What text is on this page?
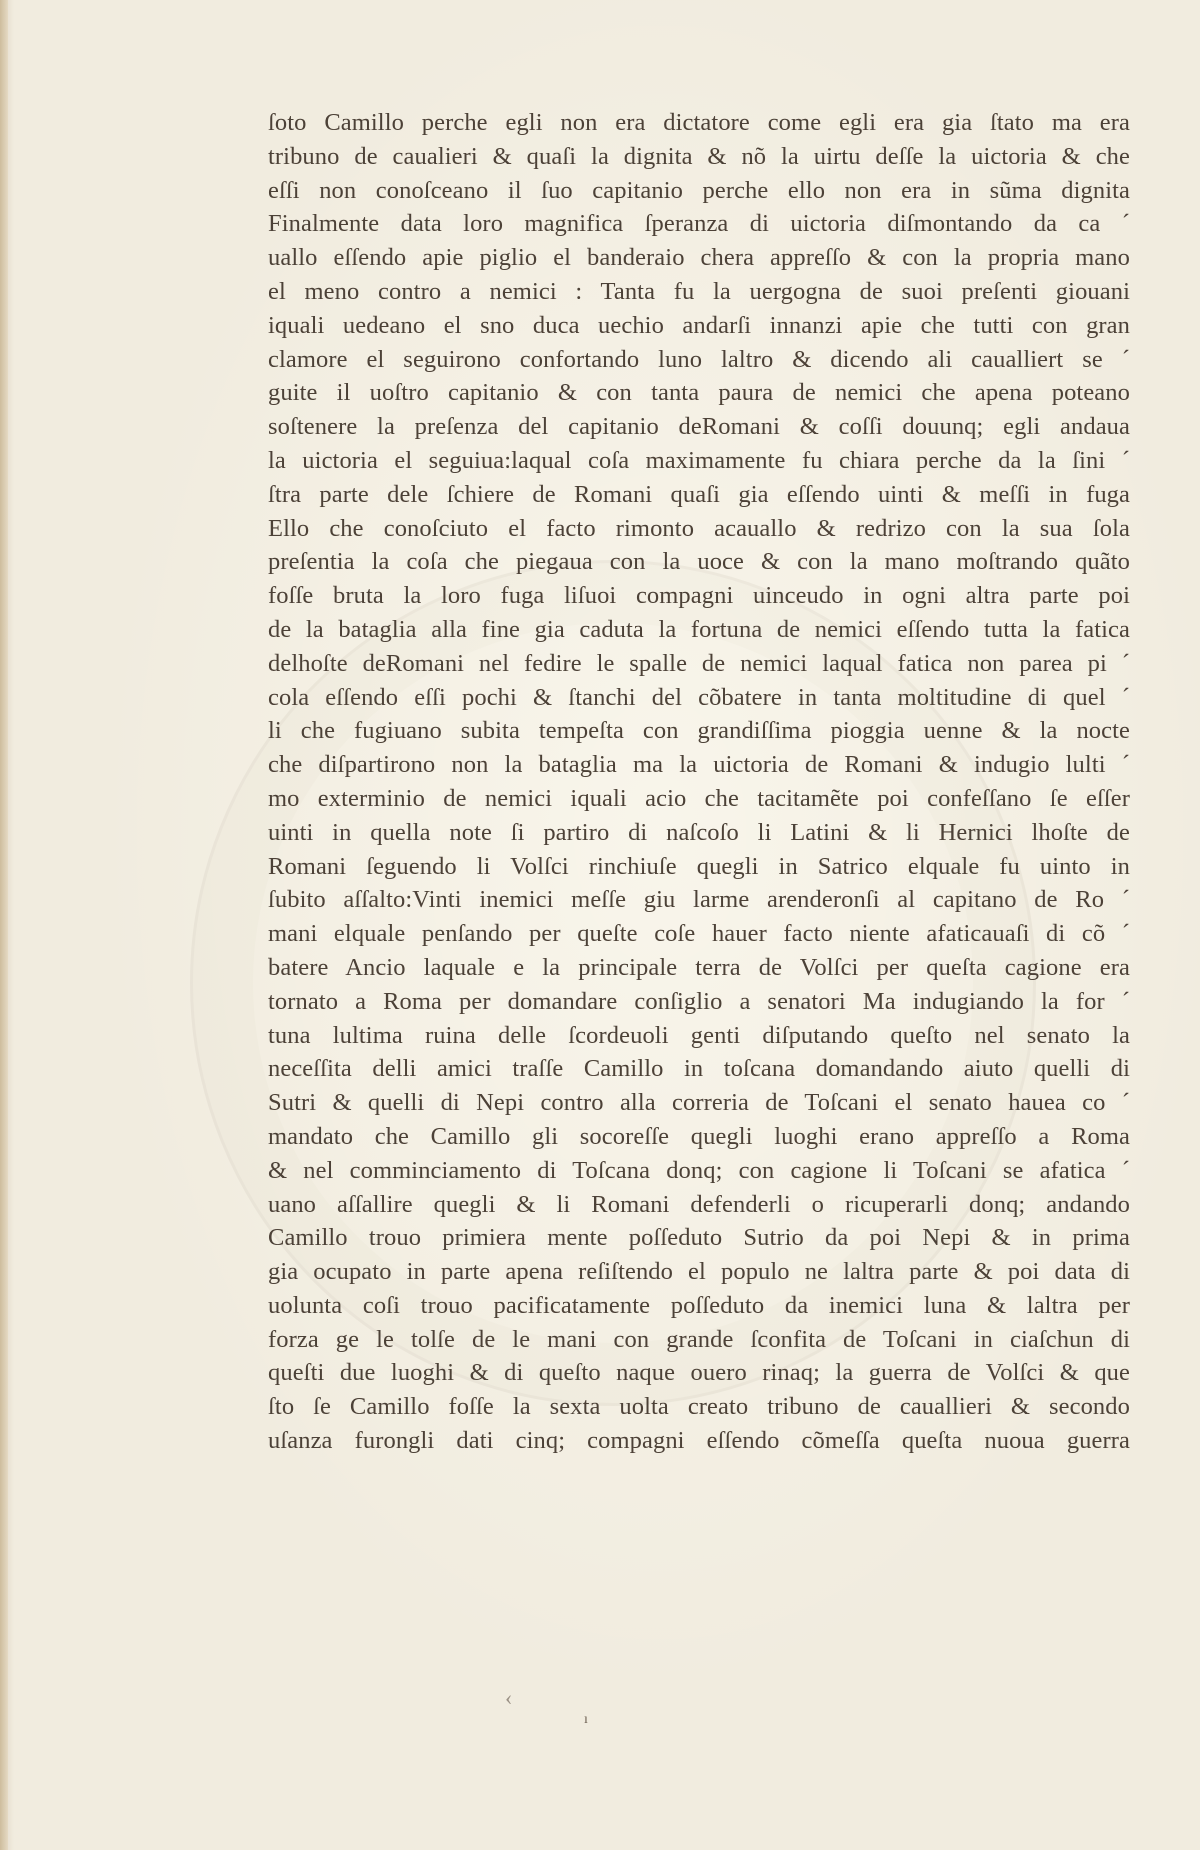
ſoto Camillo perche egli non era dictatore come egli era gia ſtato ma era
tribuno de caualieri & quaſi la dignita & nõ la uirtu deſſe la uictoria & che
eſſi non conoſceano il ſuo capitanio perche ello non era in sũma dignita
Finalmente data loro magnifica ſperanza di uictoria diſmontando da ca ´
uallo eſſendo apie piglio el banderaio chera appreſſo & con la propria mano
el meno contro a nemici : Tanta fu la uergogna de suoi preſenti giouani
iquali uedeano el sno duca uechio andarſi innanzi apie che tutti con gran
clamore el seguirono confortando luno laltro & dicendo ali caualliert se ´
guite il uoſtro capitanio & con tanta paura de nemici che apena poteano
soſtenere la preſenza del capitanio deRomani & coſſi douunq; egli andaua
la uictoria el seguiua:laqual coſa maximamente fu chiara perche da la ſini ´
ſtra parte dele ſchiere de Romani quaſi gia eſſendo uinti & meſſi in fuga
Ello che conoſciuto el facto rimonto acauallo & redrizo con la sua ſola
preſentia la coſa che piegaua con la uoce & con la mano moſtrando quãto
foſſe bruta la loro fuga liſuoi compagni uinceudo in ogni altra parte poi
de la bataglia alla fine gia caduta la fortuna de nemici eſſendo tutta la fatica
delhoſte deRomani nel fedire le spalle de nemici laqual fatica non parea pi ´
cola eſſendo eſſi pochi & ſtanchi del cõbatere in tanta moltitudine di quel ´
li che fugiuano subita tempeſta con grandiſſima pioggia uenne & la nocte
che diſpartirono non la bataglia ma la uictoria de Romani & indugio lulti ´
mo exterminio de nemici iquali acio che tacitamẽte poi confeſſano ſe eſſer
uinti in quella note ſi partiro di naſcoſo li Latini & li Hernici lhoſte de
Romani ſeguendo li Volſci rinchiuſe quegli in Satrico elquale fu uinto in
ſubito aſſalto:Vinti inemici meſſe giu larme arenderonſi al capitano de Ro ´
mani elquale penſando per queſte coſe hauer facto niente afaticauaſi di cõ ´
batere Ancio laquale e la principale terra de Volſci per queſta cagione era
tornato a Roma per domandare conſiglio a senatori Ma indugiando la for ´
tuna lultima ruina delle ſcordeuoli genti diſputando queſto nel senato la
neceſſita delli amici traſſe Camillo in toſcana domandando aiuto quelli di
Sutri & quelli di Nepi contro alla correria de Toſcani el senato hauea co ´
mandato che Camillo gli socoreſſe quegli luoghi erano appreſſo a Roma
& nel comminciamento di Toſcana donq; con cagione li Toſcani se afatica ´
uano aſſallire quegli & li Romani defenderli o ricuperarli donq; andando
Camillo trouo primiera mente poſſeduto Sutrio da poi Nepi & in prima
gia ocupato in parte apena reſiſtendo el populo ne laltra parte & poi data di
uolunta coſi trouo pacificatamente poſſeduto da inemici luna & laltra per
forza ge le tolſe de le mani con grande ſconfita de Toſcani in ciaſchun di
queſti due luoghi & di queſto naque ouero rinaq; la guerra de Volſci & que
ſto ſe Camillo foſſe la sexta uolta creato tribuno de cauallieri & secondo
uſanza furongli dati cinq; compagni eſſendo cõmeſſa queſta nuoua guerra
‹
ı
